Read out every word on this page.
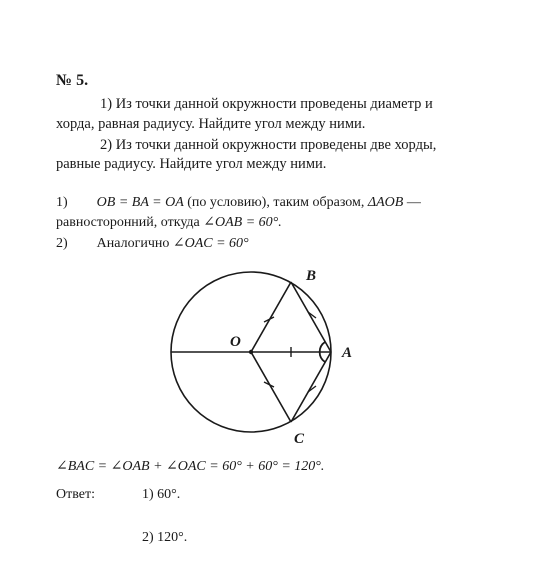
№ 5.
1) Из точки данной окружности проведены диаметр и
хорда, равная радиусу. Найдите угол между ними.
2) Из точки данной окружности проведены две хорды,
равные радиусу. Найдите угол между ними.
1) OB = BA = OA (по условию), таким образом, ΔAOB —
равносторонний, откуда ∠OAB = 60°.
2) Аналогично ∠OAC = 60°
B
O
A
C
∠BAC = ∠OAB + ∠OAC = 60° + 60° = 120°.
Ответ:	1) 60°.
2) 120°.
